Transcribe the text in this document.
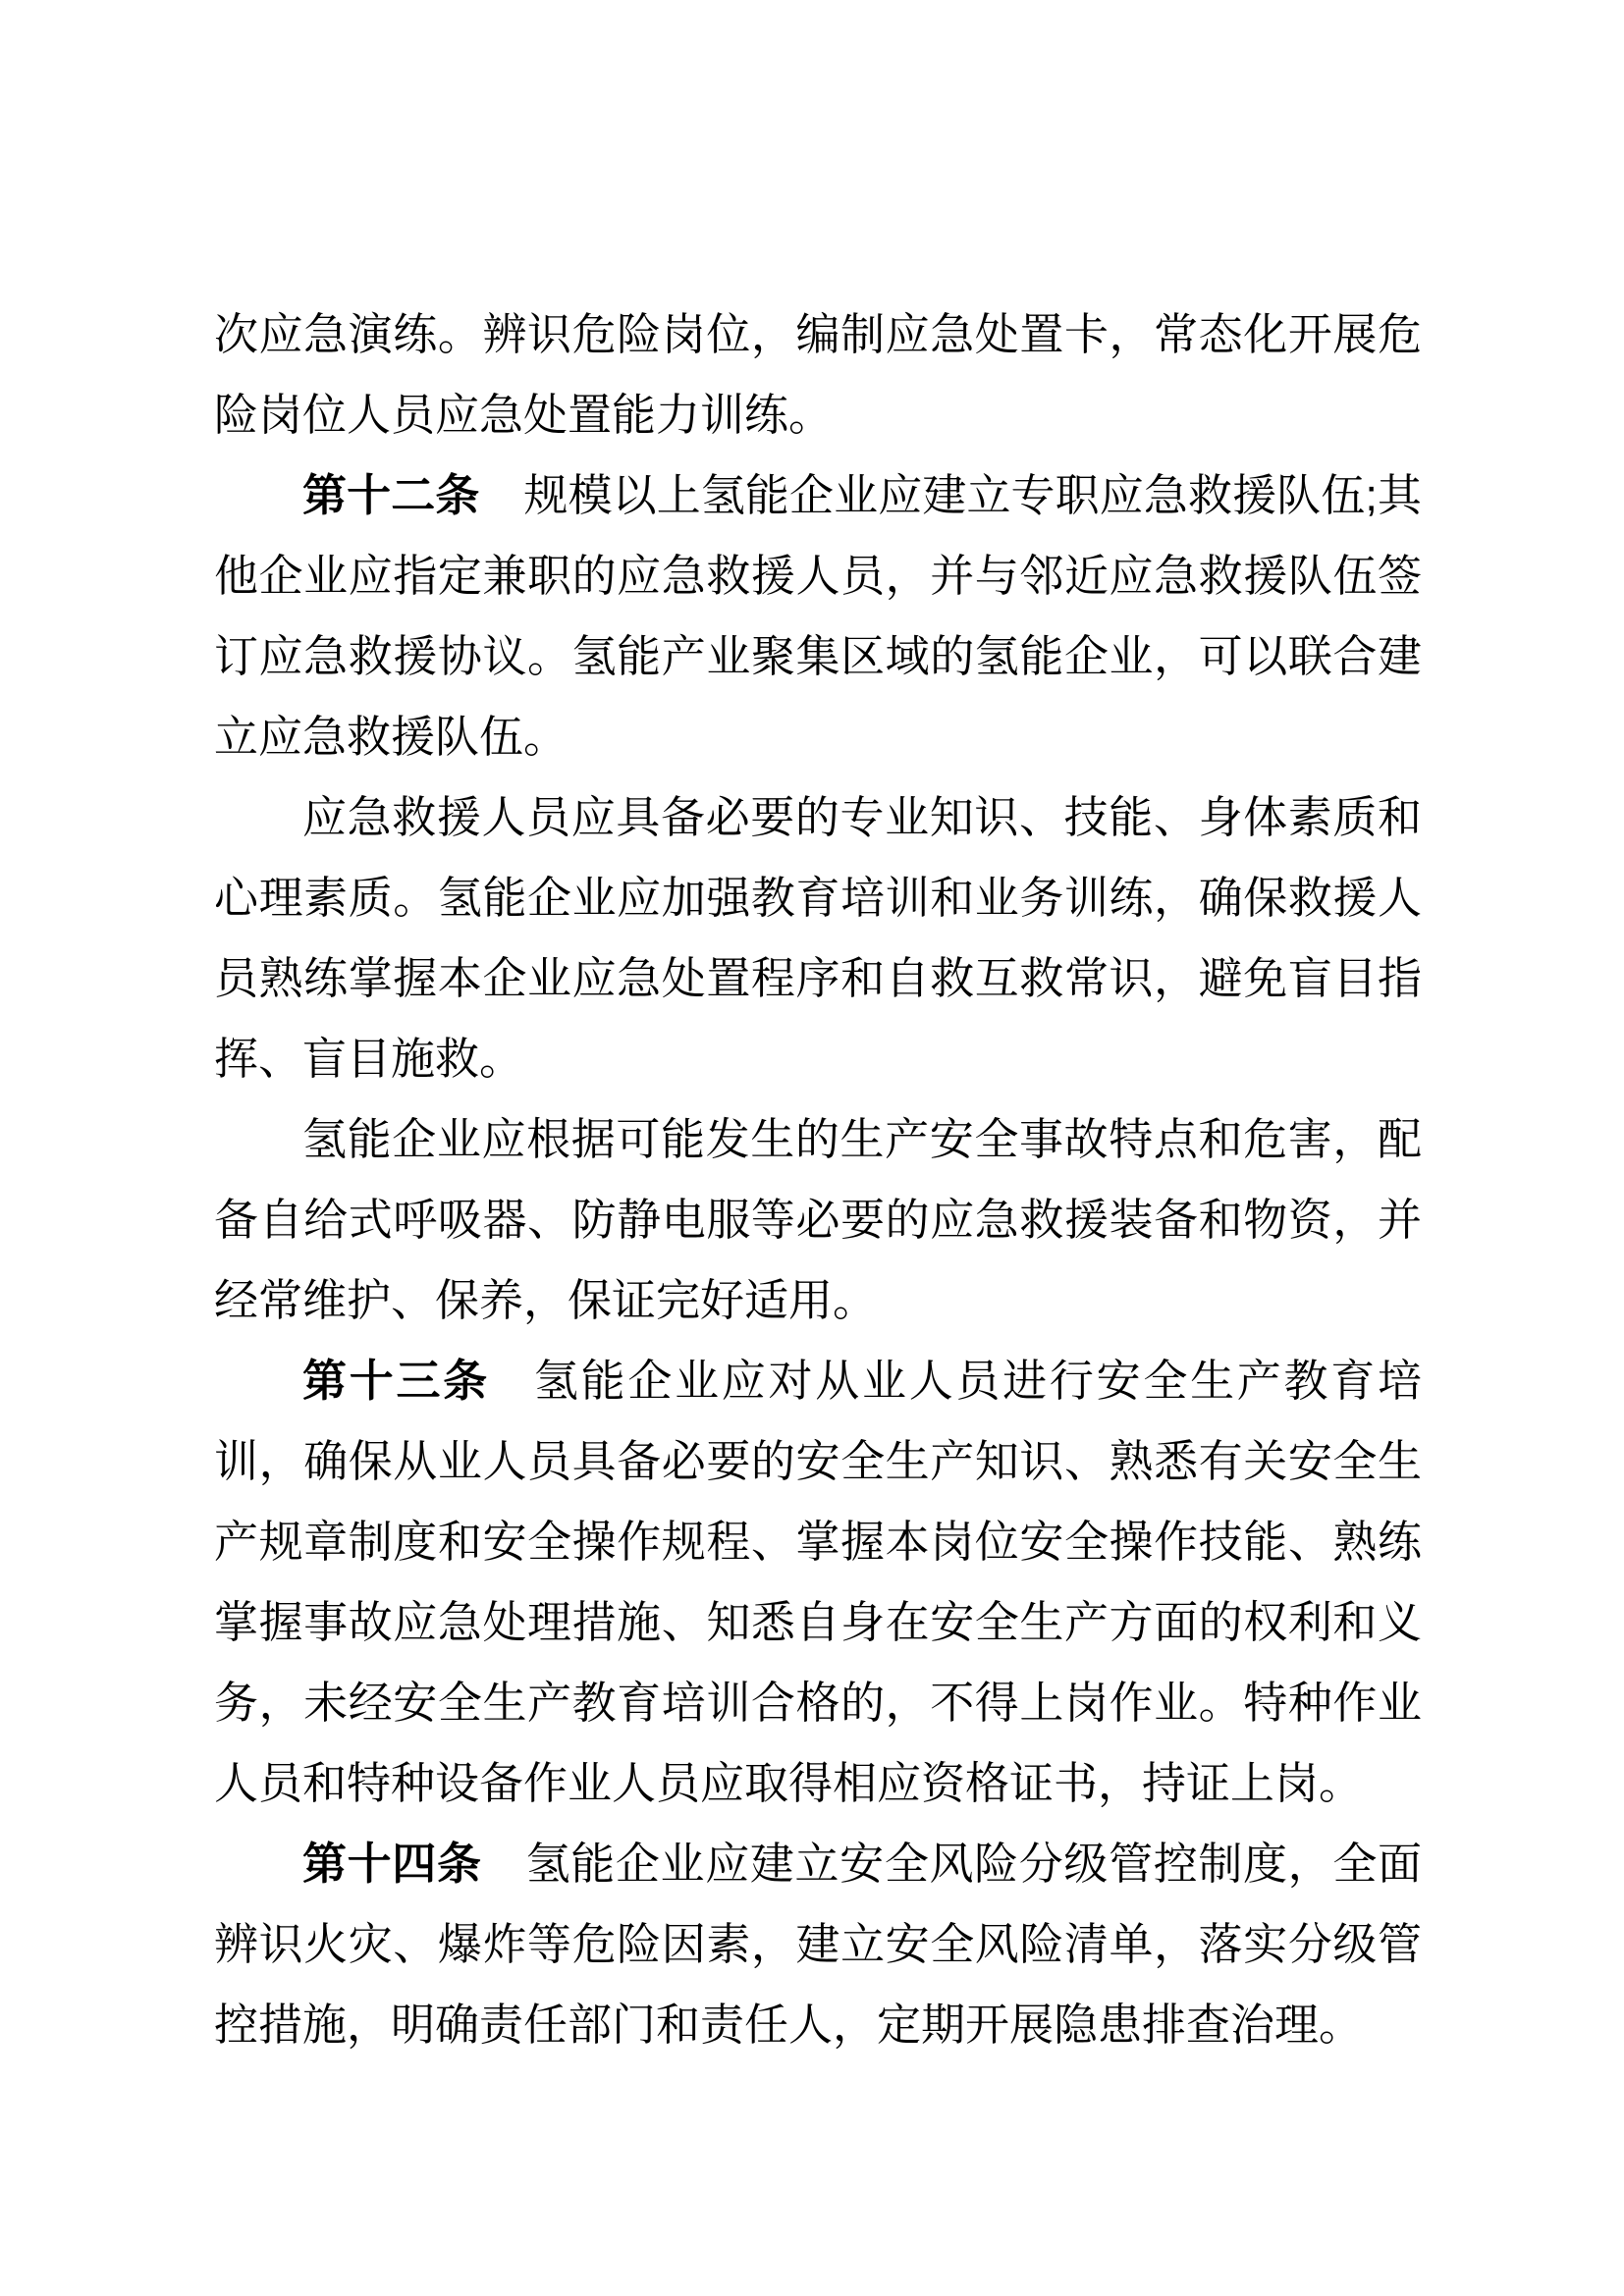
次应急演练。辨识危险岗位，编制应急处置卡，常态化开展危险岗位人员应急处置能力训练。

第十二条 规模以上氢能企业应建立专职应急救援队伍;其他企业应指定兼职的应急救援人员，并与邻近应急救援队伍签订应急救援协议。氢能产业聚集区域的氢能企业，可以联合建立应急救援队伍。

应急救援人员应具备必要的专业知识、技能、身体素质和心理素质。氢能企业应加强教育培训和业务训练，确保救援人员熟练掌握本企业应急处置程序和自救互救常识，避免盲目指挥、盲目施救。

氢能企业应根据可能发生的生产安全事故特点和危害，配备自给式呼吸器、防静电服等必要的应急救援装备和物资，并经常维护、保养，保证完好适用。

第十三条 氢能企业应对从业人员进行安全生产教育培训，确保从业人员具备必要的安全生产知识、熟悉有关安全生产规章制度和安全操作规程、掌握本岗位安全操作技能、熟练掌握事故应急处理措施、知悉自身在安全生产方面的权利和义务，未经安全生产教育培训合格的，不得上岗作业。特种作业人员和特种设备作业人员应取得相应资格证书，持证上岗。

第十四条 氢能企业应建立安全风险分级管控制度，全面辨识火灾、爆炸等危险因素，建立安全风险清单，落实分级管控措施，明确责任部门和责任人，定期开展隐患排查治理。
